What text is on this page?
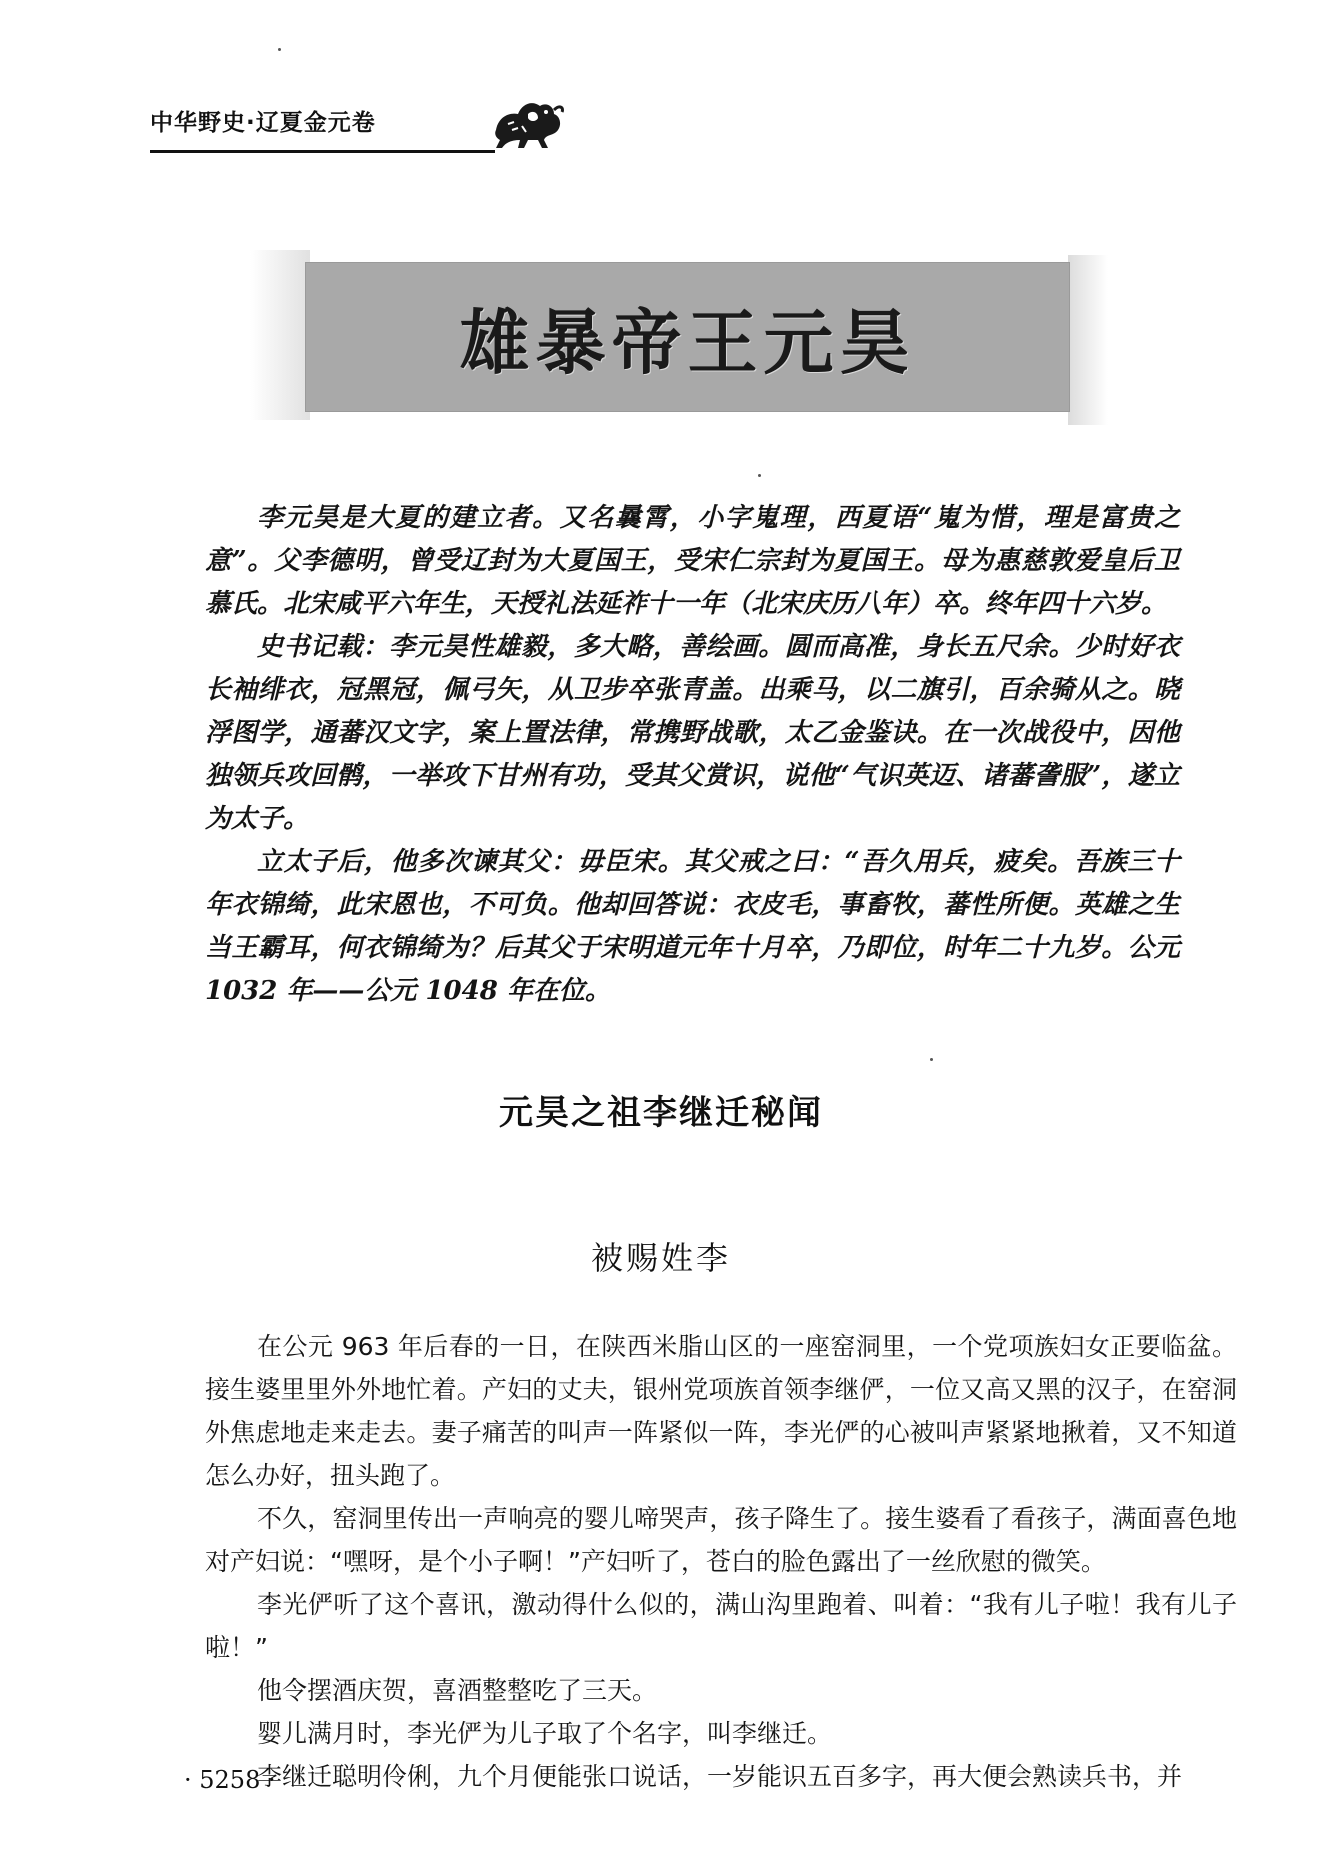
中华野史·辽夏金元卷
雄暴帝王元昊

李元昊是大夏的建立者。又名曩霄，小字嵬理，西夏语“嵬为惜，理是富贵之意”。父李德明，曾受辽封为大夏国王，受宋仁宗封为夏国王。母为惠慈敦爱皇后卫慕氏。北宋咸平六年生，天授礼法延祚十一年（北宋庆历八年）卒。终年四十六岁。

史书记载：李元昊性雄毅，多大略，善绘画。圆而高准，身长五尺余。少时好衣长袖绯衣，冠黑冠，佩弓矢，从卫步卒张青盖。出乘马，以二旗引，百余骑从之。晓浮图学，通蕃汉文字，案上置法律，常携野战歌，太乙金鉴诀。在一次战役中，因他独领兵攻回鹘，一举攻下甘州有功，受其父赏识，说他“气识英迈、诸蕃詟服”，遂立为太子。

立太子后，他多次谏其父：毋臣宋。其父戒之曰：“吾久用兵，疲矣。吾族三十年衣锦绮，此宋恩也，不可负。他却回答说：衣皮毛，事畜牧，蕃性所便。英雄之生当王霸耳，何衣锦绮为？后其父于宋明道元年十月卒，乃即位，时年二十九岁。公元 1032 年——公元 1048 年在位。

元昊之祖李继迁秘闻
被赐姓李

在公元 963 年后春的一日，在陕西米脂山区的一座窑洞里，一个党项族妇女正要临盆。接生婆里里外外地忙着。产妇的丈夫，银州党项族首领李继俨，一位又高又黑的汉子，在窑洞外焦虑地走来走去。妻子痛苦的叫声一阵紧似一阵，李光俨的心被叫声紧紧地揪着，又不知道怎么办好，扭头跑了。

不久，窑洞里传出一声响亮的婴儿啼哭声，孩子降生了。接生婆看了看孩子，满面喜色地对产妇说：“嘿呀，是个小子啊！”产妇听了，苍白的脸色露出了一丝欣慰的微笑。

李光俨听了这个喜讯，激动得什么似的，满山沟里跑着、叫着：“我有儿子啦！我有儿子啦！”

他令摆酒庆贺，喜酒整整吃了三天。

婴儿满月时，李光俨为儿子取了个名字，叫李继迁。

李继迁聪明伶俐，九个月便能张口说话，一岁能识五百多字，再大便会熟读兵书，并

· 5258 ·
